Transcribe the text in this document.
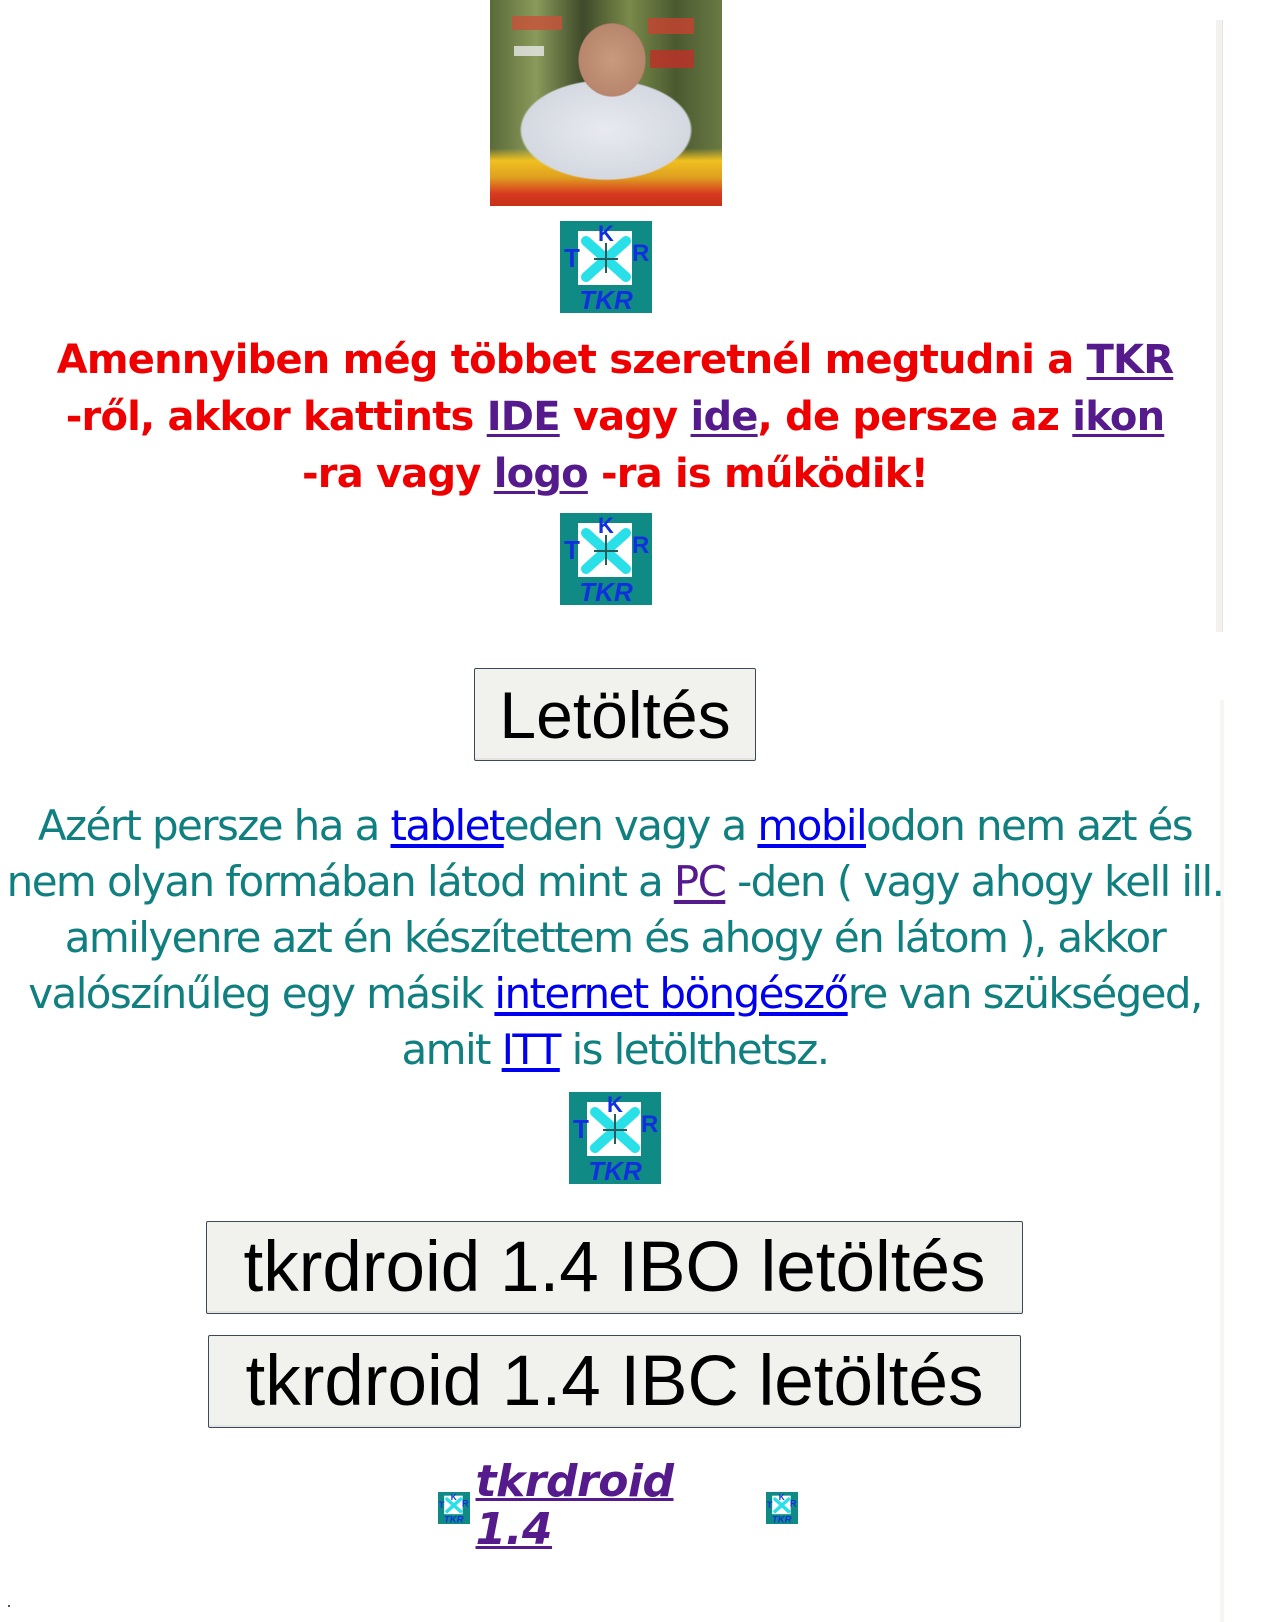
K
T R
TKR
Amennyiben még többet szeretnél megtudni a TKR
-ről, akkor kattints IDE vagy ide, de persze az ikon
-ra vagy logo -ra is működik!
K
T R
TKR
Letöltés
Azért persze ha a tableteden vagy a mobilodon nem azt és nem olyan formában látod mint a PC -den ( vagy ahogy kell ill. amilyenre azt én készítettem és ahogy én látom ), akkor valószínűleg egy másik internet böngészőre van szükséged, amit ITT is letölthetsz.
K
T R
TKR
tkrdroid 1.4 IBO letöltés
tkrdroid 1.4 IBC letöltés
K
T R
TKR
tkrdroid 1.4
K
T R
TKR
